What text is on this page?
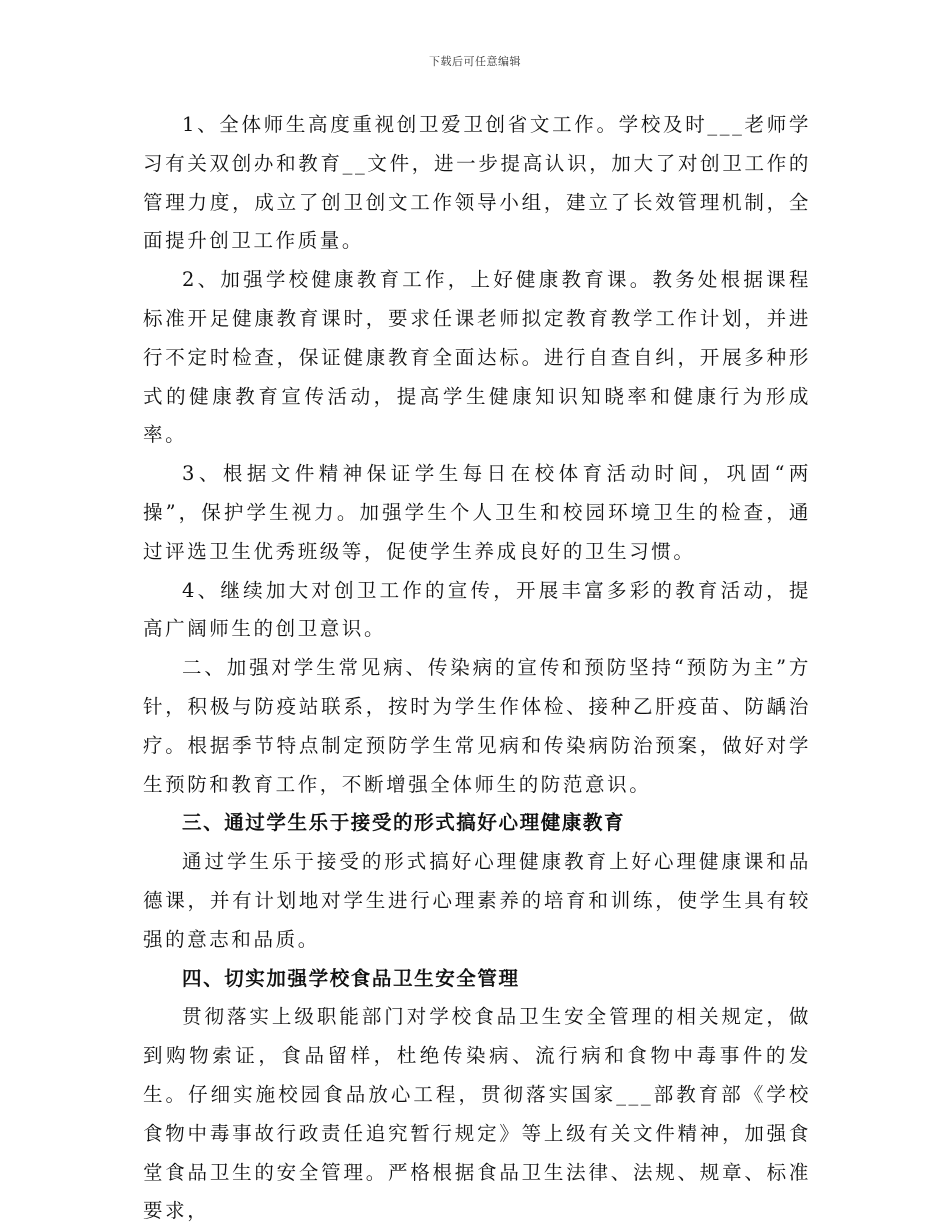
下载后可任意编辑

1、全体师生高度重视创卫爱卫创省文工作。学校及时___老师学习有关双创办和教育__文件，进一步提高认识，加大了对创卫工作的管理力度，成立了创卫创文工作领导小组，建立了长效管理机制，全面提升创卫工作质量。

2、加强学校健康教育工作，上好健康教育课。教务处根据课程标准开足健康教育课时，要求任课老师拟定教育教学工作计划，并进行不定时检查，保证健康教育全面达标。进行自查自纠，开展多种形式的健康教育宣传活动，提高学生健康知识知晓率和健康行为形成率。

3、根据文件精神保证学生每日在校体育活动时间，巩固“两操”，保护学生视力。加强学生个人卫生和校园环境卫生的检查，通过评选卫生优秀班级等，促使学生养成良好的卫生习惯。

4、继续加大对创卫工作的宣传，开展丰富多彩的教育活动，提高广阔师生的创卫意识。

二、加强对学生常见病、传染病的宣传和预防坚持“预防为主”方针，积极与防疫站联系，按时为学生作体检、接种乙肝疫苗、防龋治疗。根据季节特点制定预防学生常见病和传染病防治预案，做好对学生预防和教育工作，不断增强全体师生的防范意识。

三、通过学生乐于接受的形式搞好心理健康教育

通过学生乐于接受的形式搞好心理健康教育上好心理健康课和品德课，并有计划地对学生进行心理素养的培育和训练，使学生具有较强的意志和品质。

四、切实加强学校食品卫生安全管理

贯彻落实上级职能部门对学校食品卫生安全管理的相关规定，做到购物索证，食品留样，杜绝传染病、流行病和食物中毒事件的发生。仔细实施校园食品放心工程，贯彻落实国家___部教育部《学校食物中毒事故行政责任追究暂行规定》等上级有关文件精神，加强食堂食品卫生的安全管理。严格根据食品卫生法律、法规、规章、标准要求，
